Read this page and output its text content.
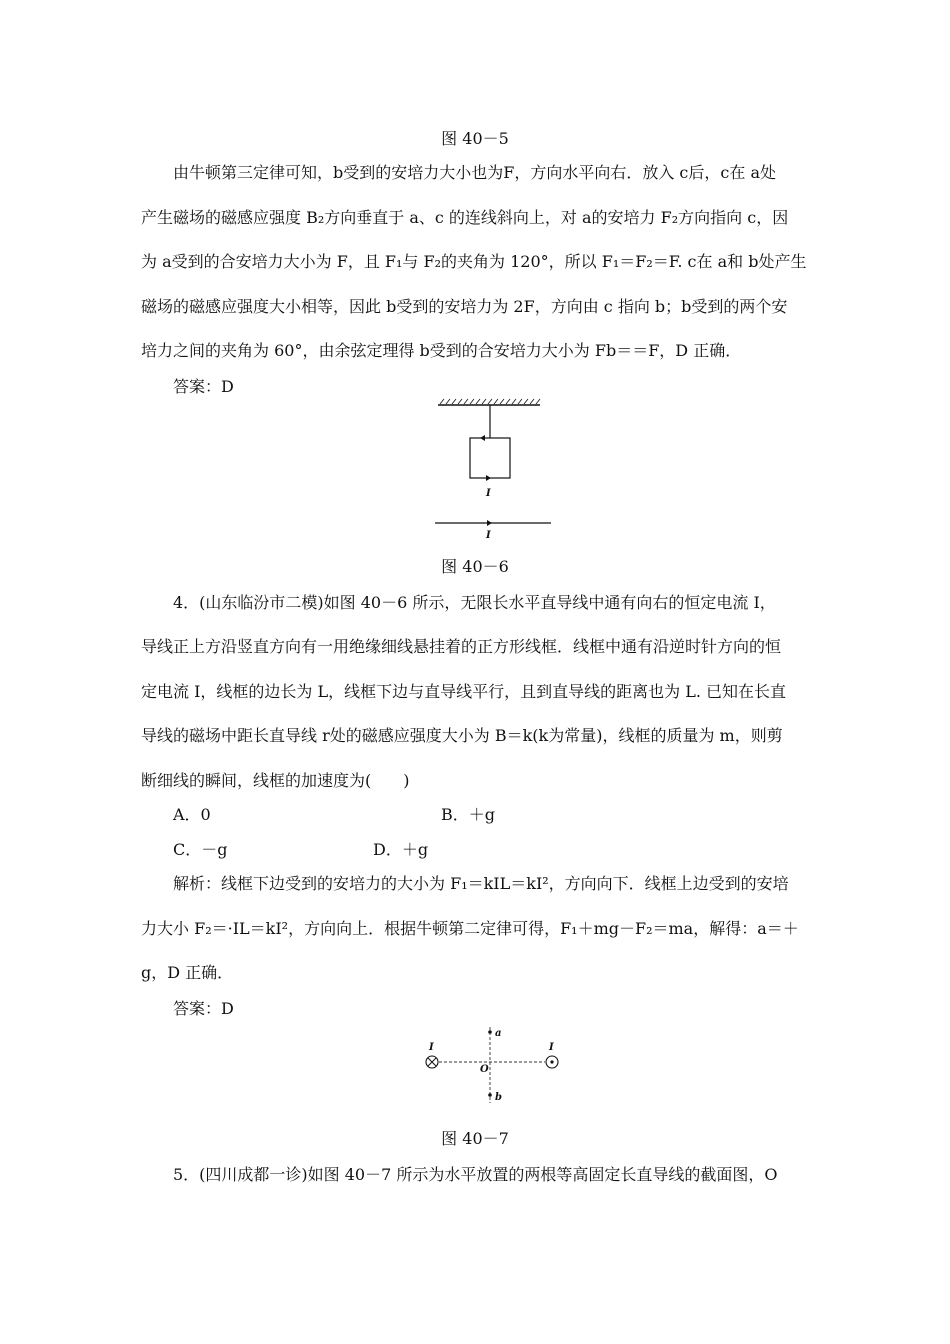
图 40－5
由牛顿第三定律可知，b受到的安培力大小也为F，方向水平向右．放入 c后，c在 a处
产生磁场的磁感应强度 B₂方向垂直于 a、c 的连线斜向上，对 a的安培力 F₂方向指向 c，因
为 a受到的合安培力大小为 F，且 F₁与 F₂的夹角为 120°，所以 F₁＝F₂＝F. c在 a和 b处产生
磁场的磁感应强度大小相等，因此 b受到的安培力为 2F，方向由 c 指向 b；b受到的两个安
培力之间的夹角为 60°，由余弦定理得 b受到的合安培力大小为 Fb＝＝F，D 正确．
答案：D
I
I
图 40－6
4．(山东临汾市二模)如图 40－6 所示，无限长水平直导线中通有向右的恒定电流 I，
导线正上方沿竖直方向有一用绝缘细线悬挂着的正方形线框．线框中通有沿逆时针方向的恒
定电流 I，线框的边长为 L，线框下边与直导线平行，且到直导线的距离也为 L. 已知在长直
导线的磁场中距长直导线 r处的磁感应强度大小为 B＝k(k为常量)，线框的质量为 m，则剪
断细线的瞬间，线框的加速度为(　　)
A．0	B．＋g
C．－g	D．＋g
解析：线框下边受到的安培力的大小为 F₁＝kIL＝kI²，方向向下．线框上边受到的安培
力大小 F₂＝·IL＝kI²，方向向上．根据牛顿第二定律可得，F₁＋mg－F₂＝ma，解得：a＝＋
g，D 正确．
答案：D
a
b
O
I	I
图 40－7
5．(四川成都一诊)如图 40－7 所示为水平放置的两根等高固定长直导线的截面图，O
